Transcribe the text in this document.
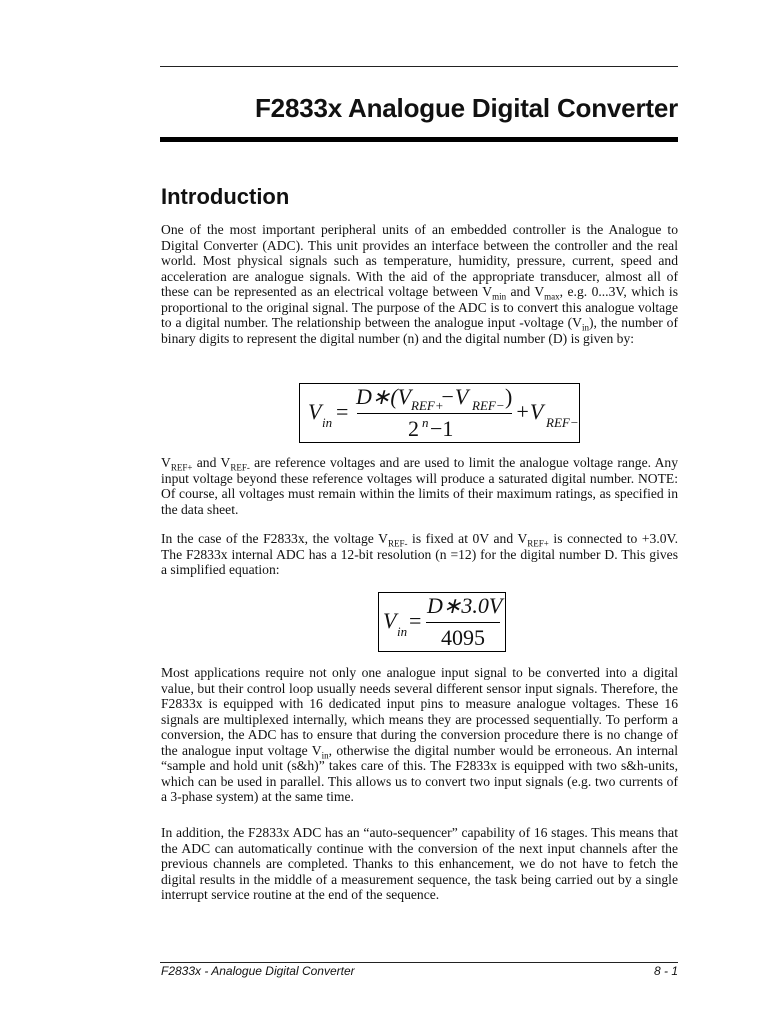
F2833x Analogue Digital Converter
Introduction
One of the most important peripheral units of an embedded controller is the Analogue to Digital Converter (ADC). This unit provides an interface between the controller and the real world. Most physical signals such as temperature, humidity, pressure, current, speed and acceleration are analogue signals. With the aid of the appropriate transducer, almost all of these can be represented as an electrical voltage between $V_{min}$ and $V_{max}$, e.g. 0...3V, which is proportional to the original signal. The purpose of the ADC is to convert this analogue voltage to a digital number. The relationship between the analogue input -voltage $(V_{in})$, the number of binary digits to represent the digital number (n) and the digital number (D) is given by:
V in =
D∗(V REF+
−V REF− )
2 n −1
+V REF−
$V_{REF+}$ and $V_{REF-}$ are reference voltages and are used to limit the analogue voltage range. Any input voltage beyond these reference voltages will produce a saturated digital number. NOTE: Of course, all voltages must remain within the limits of their maximum ratings, as specified in the data sheet.
In the case of the F2833x, the voltage $V_{REF-}$ is fixed at 0V and $V_{REF+}$ is connected to +3.0V. The F2833x internal ADC has a 12-bit resolution (n =12) for the digital number D. This gives a simplified equation:
V in =
D∗3.0V
4095
Most applications require not only one analogue input signal to be converted into a digital value, but their control loop usually needs several different sensor input signals. Therefore, the F2833x is equipped with 16 dedicated input pins to measure analogue voltages. These 16 signals are multiplexed internally, which means they are processed sequentially. To perform a conversion, the ADC has to ensure that during the conversion procedure there is no change of the analogue input voltage $V_{in}$, otherwise the digital number would be erroneous. An internal “sample and hold unit (s&h)” takes care of this. The F2833x is equipped with two s&h-units, which can be used in parallel. This allows us to convert two input signals (e.g. two currents of a 3-phase system) at the same time.
In addition, the F2833x ADC has an “auto-sequencer” capability of 16 stages. This means that the ADC can automatically continue with the conversion of the next input channels after the previous channels are completed. Thanks to this enhancement, we do not have to fetch the digital results in the middle of a measurement sequence, the task being carried out by a single interrupt service routine at the end of the sequence.
F2833x - Analogue Digital Converter	8 - 1
